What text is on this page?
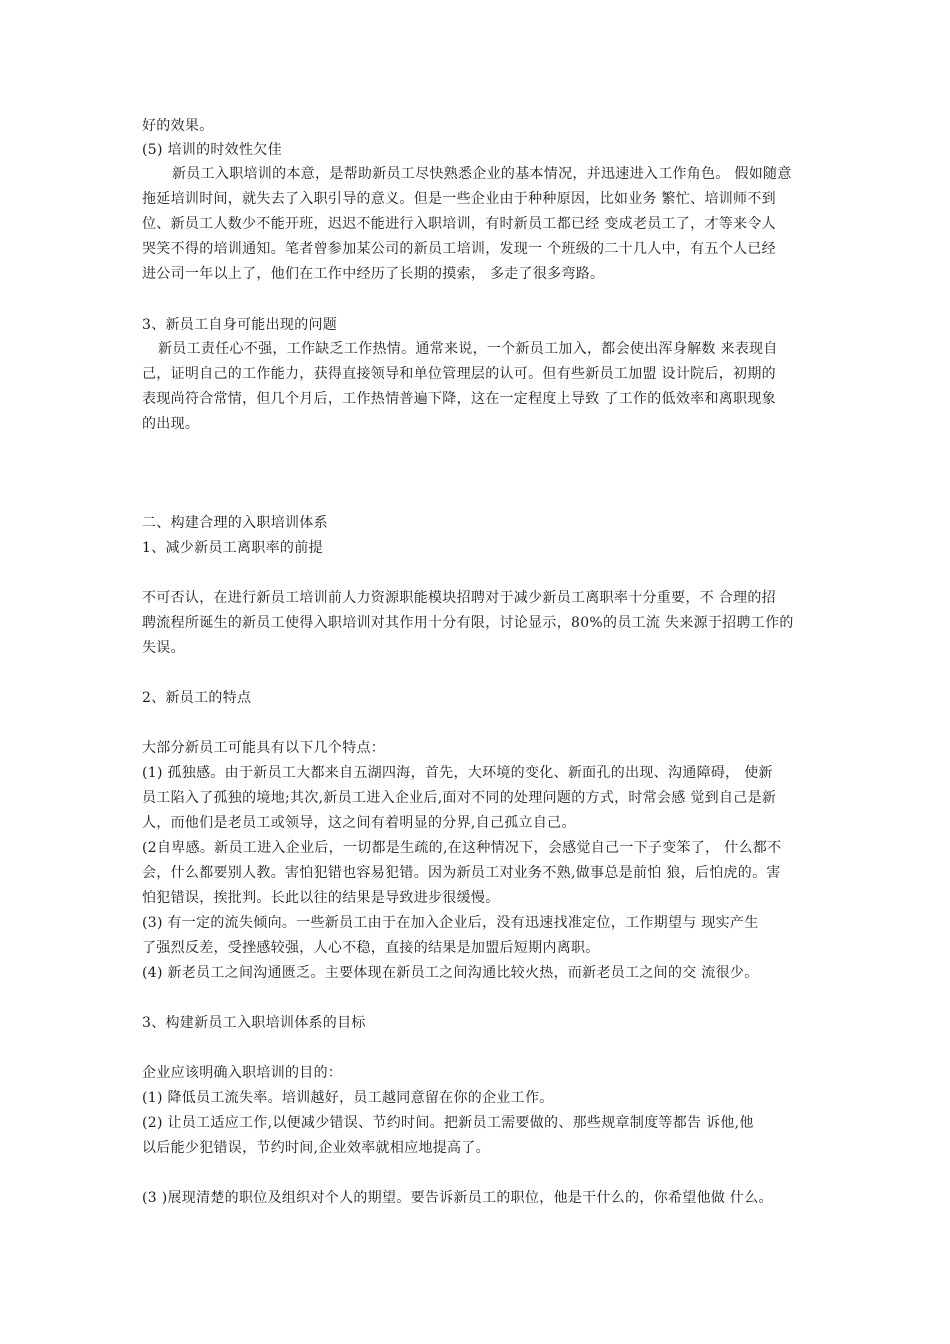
好的效果。
(5) 培训的时效性欠佳
新员工入职培训的本意，是帮助新员工尽快熟悉企业的基本情况，并迅速进入工作角色。 假如随意
拖延培训时间，就失去了入职引导的意义。但是一些企业由于种种原因，比如业务 繁忙、培训师不到
位、新员工人数少不能开班，迟迟不能进行入职培训，有时新员工都已经 变成老员工了，才等来令人
哭笑不得的培训通知。笔者曾参加某公司的新员工培训，发现一 个班级的二十几人中，有五个人已经
进公司一年以上了，他们在工作中经历了长期的摸索， 多走了很多弯路。
3、新员工自身可能出现的问题
新员工责任心不强，工作缺乏工作热情。通常来说，一个新员工加入，都会使出浑身解数 来表现自
己，证明自己的工作能力，获得直接领导和单位管理层的认可。但有些新员工加盟 设计院后，初期的
表现尚符合常情，但几个月后，工作热情普遍下降，这在一定程度上导致 了工作的低效率和离职现象
的出现。
二、构建合理的入职培训体系
1、减少新员工离职率的前提
不可否认，在进行新员工培训前人力资源职能模块招聘对于减少新员工离职率十分重要，不 合理的招
聘流程所诞生的新员工使得入职培训对其作用十分有限，讨论显示，80%的员工流 失来源于招聘工作的
失误。
2、新员工的特点
大部分新员工可能具有以下几个特点：
(1) 孤独感。由于新员工大都来自五湖四海，首先，大环境的变化、新面孔的出现、沟通障碍， 使新
员工陷入了孤独的境地;其次,新员工进入企业后,面对不同的处理问题的方式，时常会感 觉到自己是新
人，而他们是老员工或领导，这之间有着明显的分界,自己孤立自己。
(2自卑感。新员工进入企业后，一切都是生疏的,在这种情况下，会感觉自己一下子变笨了， 什么都不
会，什么都要别人教。害怕犯错也容易犯错。因为新员工对业务不熟,做事总是前怕 狼，后怕虎的。害
怕犯错误，挨批判。长此以往的结果是导致进步很缓慢。
(3) 有一定的流失倾向。一些新员工由于在加入企业后，没有迅速找准定位，工作期望与 现实产生
了强烈反差，受挫感较强，人心不稳，直接的结果是加盟后短期内离职。
(4) 新老员工之间沟通匮乏。主要体现在新员工之间沟通比较火热，而新老员工之间的交 流很少。
3、构建新员工入职培训体系的目标
企业应该明确入职培训的目的：
(1) 降低员工流失率。培训越好，员工越同意留在你的企业工作。
(2) 让员工适应工作,以便减少错误、节约时间。把新员工需要做的、那些规章制度等都告 诉他,他
以后能少犯错误，节约时间,企业效率就相应地提高了。
(3 )展现清楚的职位及组织对个人的期望。要告诉新员工的职位，他是干什么的，你希望他做 什么。
